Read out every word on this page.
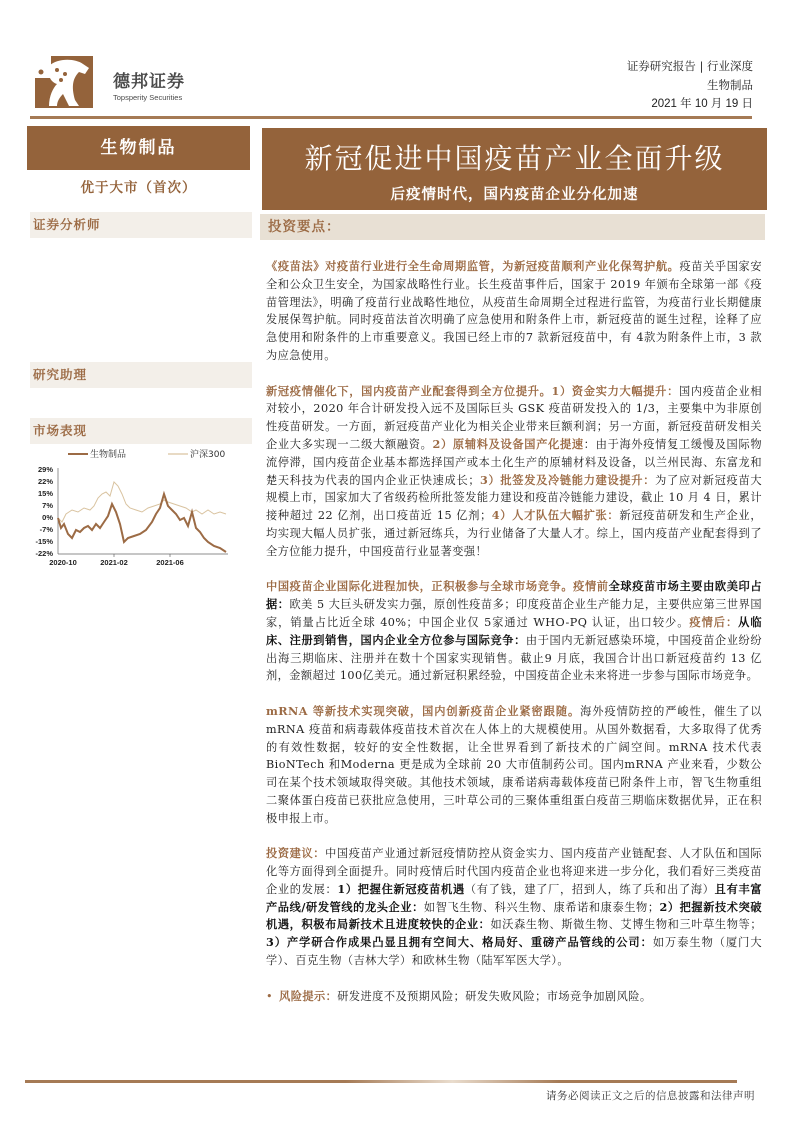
德邦证券
Topsperity Securities
证券研究报告 | 行业深度
生物制品
2021 年 10 月 19 日
生物制品
优于大市（首次）
证券分析师
研究助理
市场表现
生物制品	沪深300
29%
22%
15%
7%
0%
-7%
-15%
-22%
2020-10	2021-02	2021-06
新冠促进中国疫苗产业全面升级
后疫情时代，国内疫苗企业分化加速
投资要点：

《疫苗法》对疫苗行业进行全生命周期监管，为新冠疫苗顺利产业化保驾护航。疫苗关乎国家安全和公众卫生安全，为国家战略性行业。长生疫苗事件后，国家于 2019 年颁布全球第一部《疫苗管理法》，明确了疫苗行业战略性地位，从疫苗生命周期全过程进行监管，为疫苗行业长期健康发展保驾护航。同时疫苗法首次明确了应急使用和附条件上市，新冠疫苗的诞生过程，诠释了应急使用和附条件的上市重要意义。我国已经上市的7 款新冠疫苗中，有 4款为附条件上市，3 款为应急使用。

新冠疫情催化下，国内疫苗产业配套得到全方位提升。1）资金实力大幅提升：国内疫苗企业相对较小，2020 年合计研发投入远不及国际巨头 GSK 疫苗研发投入的 1/3，主要集中为非原创性疫苗研发。一方面，新冠疫苗产业化为相关企业带来巨额利润；另一方面，新冠疫苗研发相关企业大多实现一二级大额融资。2）原辅料及设备国产化提速：由于海外疫情复工缓慢及国际物流停滞，国内疫苗企业基本都选择国产或本土化生产的原辅材料及设备，以兰州民海、东富龙和楚天科技为代表的国内企业正快速成长；3）批签发及冷链能力建设提升：为了应对新冠疫苗大规模上市，国家加大了省级药检所批签发能力建设和疫苗冷链能力建设，截止 10 月 4 日，累计接种超过 22 亿剂，出口疫苗近 15 亿剂；4）人才队伍大幅扩张：新冠疫苗研发和生产企业，均实现大幅人员扩张，通过新冠练兵，为行业储备了大量人才。综上，国内疫苗产业配套得到了全方位能力提升，中国疫苗行业显著变强！

中国疫苗企业国际化进程加快，正积极参与全球市场竞争。疫情前全球疫苗市场主要由欧美印占据：欧美 5 大巨头研发实力强，原创性疫苗多；印度疫苗企业生产能力足，主要供应第三世界国家，销量占比近全球 40%；中国企业仅 5家通过 WHO-PQ 认证，出口较少。疫情后：从临床、注册到销售，国内企业全方位参与国际竞争：由于国内无新冠感染环境，中国疫苗企业纷纷出海三期临床、注册并在数十个国家实现销售。截止9 月底，我国合计出口新冠疫苗约 13 亿剂，金额超过 100亿美元。通过新冠积累经验，中国疫苗企业未来将进一步参与国际市场竞争。

mRNA 等新技术实现突破，国内创新疫苗企业紧密跟随。海外疫情防控的严峻性，催生了以 mRNA 疫苗和病毒载体疫苗技术首次在人体上的大规模使用。从国外数据看，大多取得了优秀的有效性数据，较好的安全性数据，让全世界看到了新技术的广阔空间。mRNA 技术代表 BioNTech 和Moderna 更是成为全球前 20 大市值制药公司。国内mRNA 产业来看，少数公司在某个技术领域取得突破。其他技术领域，康希诺病毒载体疫苗已附条件上市，智飞生物重组二聚体蛋白疫苗已获批应急使用，三叶草公司的三聚体重组蛋白疫苗三期临床数据优异，正在积极申报上市。

投资建议：中国疫苗产业通过新冠疫情防控从资金实力、国内疫苗产业链配套、人才队伍和国际化等方面得到全面提升。同时疫情后时代国内疫苗企业也将迎来进一步分化，我们看好三类疫苗企业的发展：1）把握住新冠疫苗机遇（有了钱，建了厂，招到人，练了兵和出了海）且有丰富产品线/研发管线的龙头企业：如智飞生物、科兴生物、康希诺和康泰生物；2）把握新技术突破机遇，积极布局新技术且进度较快的企业：如沃森生物、斯微生物、艾博生物和三叶草生物等；3）产学研合作成果凸显且拥有空间大、格局好、重磅产品管线的公司：如万泰生物（厦门大学）、百克生物（吉林大学）和欧林生物（陆军军医大学）。

• 风险提示：研发进度不及预期风险；研发失败风险；市场竞争加剧风险。

请务必阅读正文之后的信息披露和法律声明
